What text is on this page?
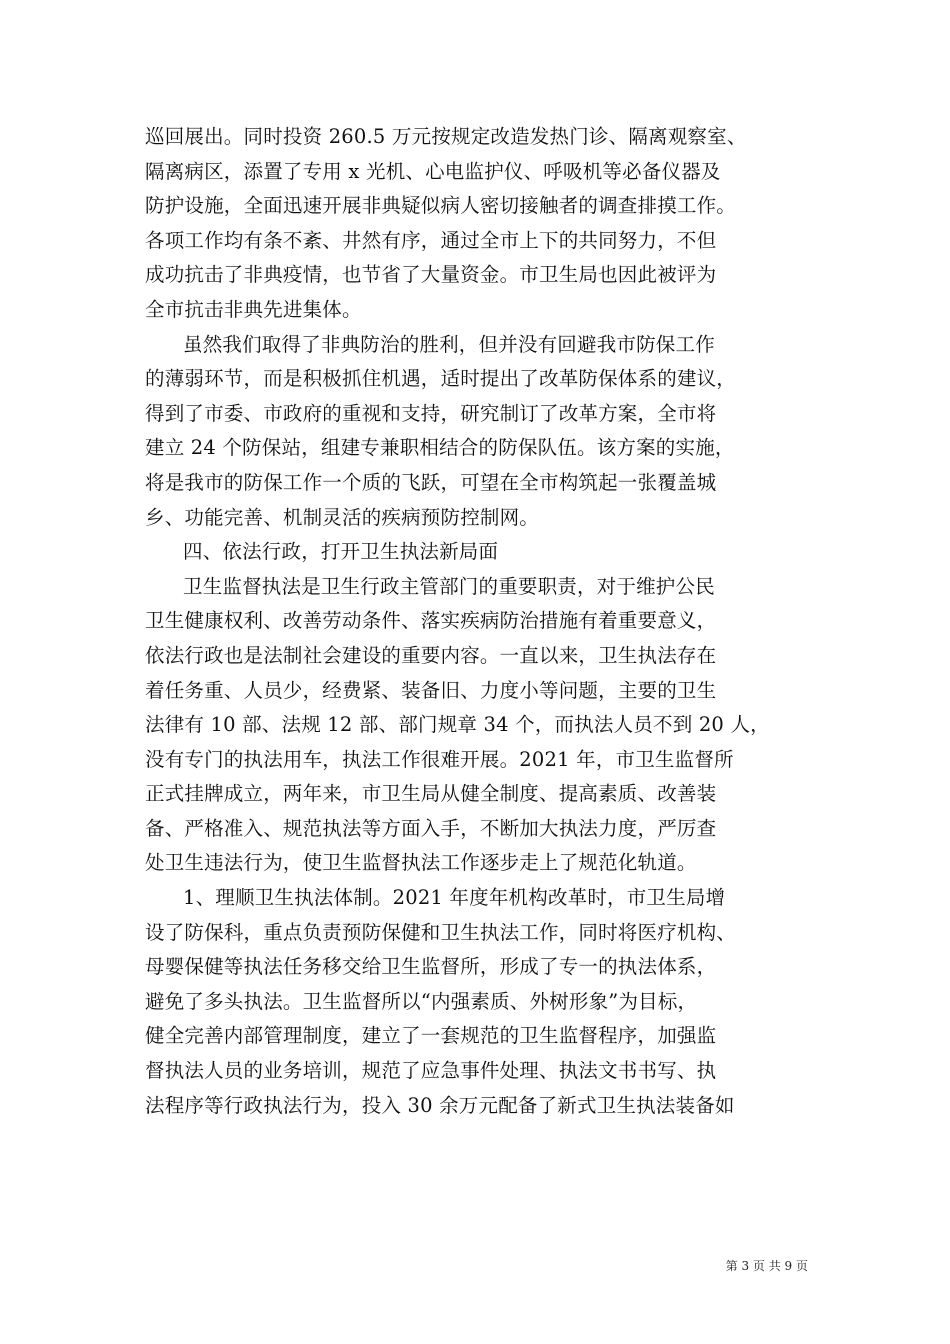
巡回展出。同时投资 260.5 万元按规定改造发热门诊、隔离观察室、
隔离病区，添置了专用 x 光机、心电监护仪、呼吸机等必备仪器及
防护设施，全面迅速开展非典疑似病人密切接触者的调查排摸工作。
各项工作均有条不紊、井然有序，通过全市上下的共同努力，不但
成功抗击了非典疫情，也节省了大量资金。市卫生局也因此被评为
全市抗击非典先进集体。
虽然我们取得了非典防治的胜利，但并没有回避我市防保工作
的薄弱环节，而是积极抓住机遇，适时提出了改革防保体系的建议，
得到了市委、市政府的重视和支持，研究制订了改革方案，全市将
建立 24 个防保站，组建专兼职相结合的防保队伍。该方案的实施，
将是我市的防保工作一个质的飞跃，可望在全市构筑起一张覆盖城
乡、功能完善、机制灵活的疾病预防控制网。
四、依法行政，打开卫生执法新局面
卫生监督执法是卫生行政主管部门的重要职责，对于维护公民
卫生健康权利、改善劳动条件、落实疾病防治措施有着重要意义，
依法行政也是法制社会建设的重要内容。一直以来，卫生执法存在
着任务重、人员少，经费紧、装备旧、力度小等问题，主要的卫生
法律有 10 部、法规 12 部、部门规章 34 个，而执法人员不到 20 人，
没有专门的执法用车，执法工作很难开展。2021 年，市卫生监督所
正式挂牌成立，两年来，市卫生局从健全制度、提高素质、改善装
备、严格准入、规范执法等方面入手，不断加大执法力度，严厉查
处卫生违法行为，使卫生监督执法工作逐步走上了规范化轨道。
1、理顺卫生执法体制。2021 年度年机构改革时，市卫生局增
设了防保科，重点负责预防保健和卫生执法工作，同时将医疗机构、
母婴保健等执法任务移交给卫生监督所，形成了专一的执法体系，
避免了多头执法。卫生监督所以“内强素质、外树形象”为目标，
健全完善内部管理制度，建立了一套规范的卫生监督程序，加强监
督执法人员的业务培训，规范了应急事件处理、执法文书书写、执
法程序等行政执法行为，投入 30 余万元配备了新式卫生执法装备如
第 3 页 共 9 页
